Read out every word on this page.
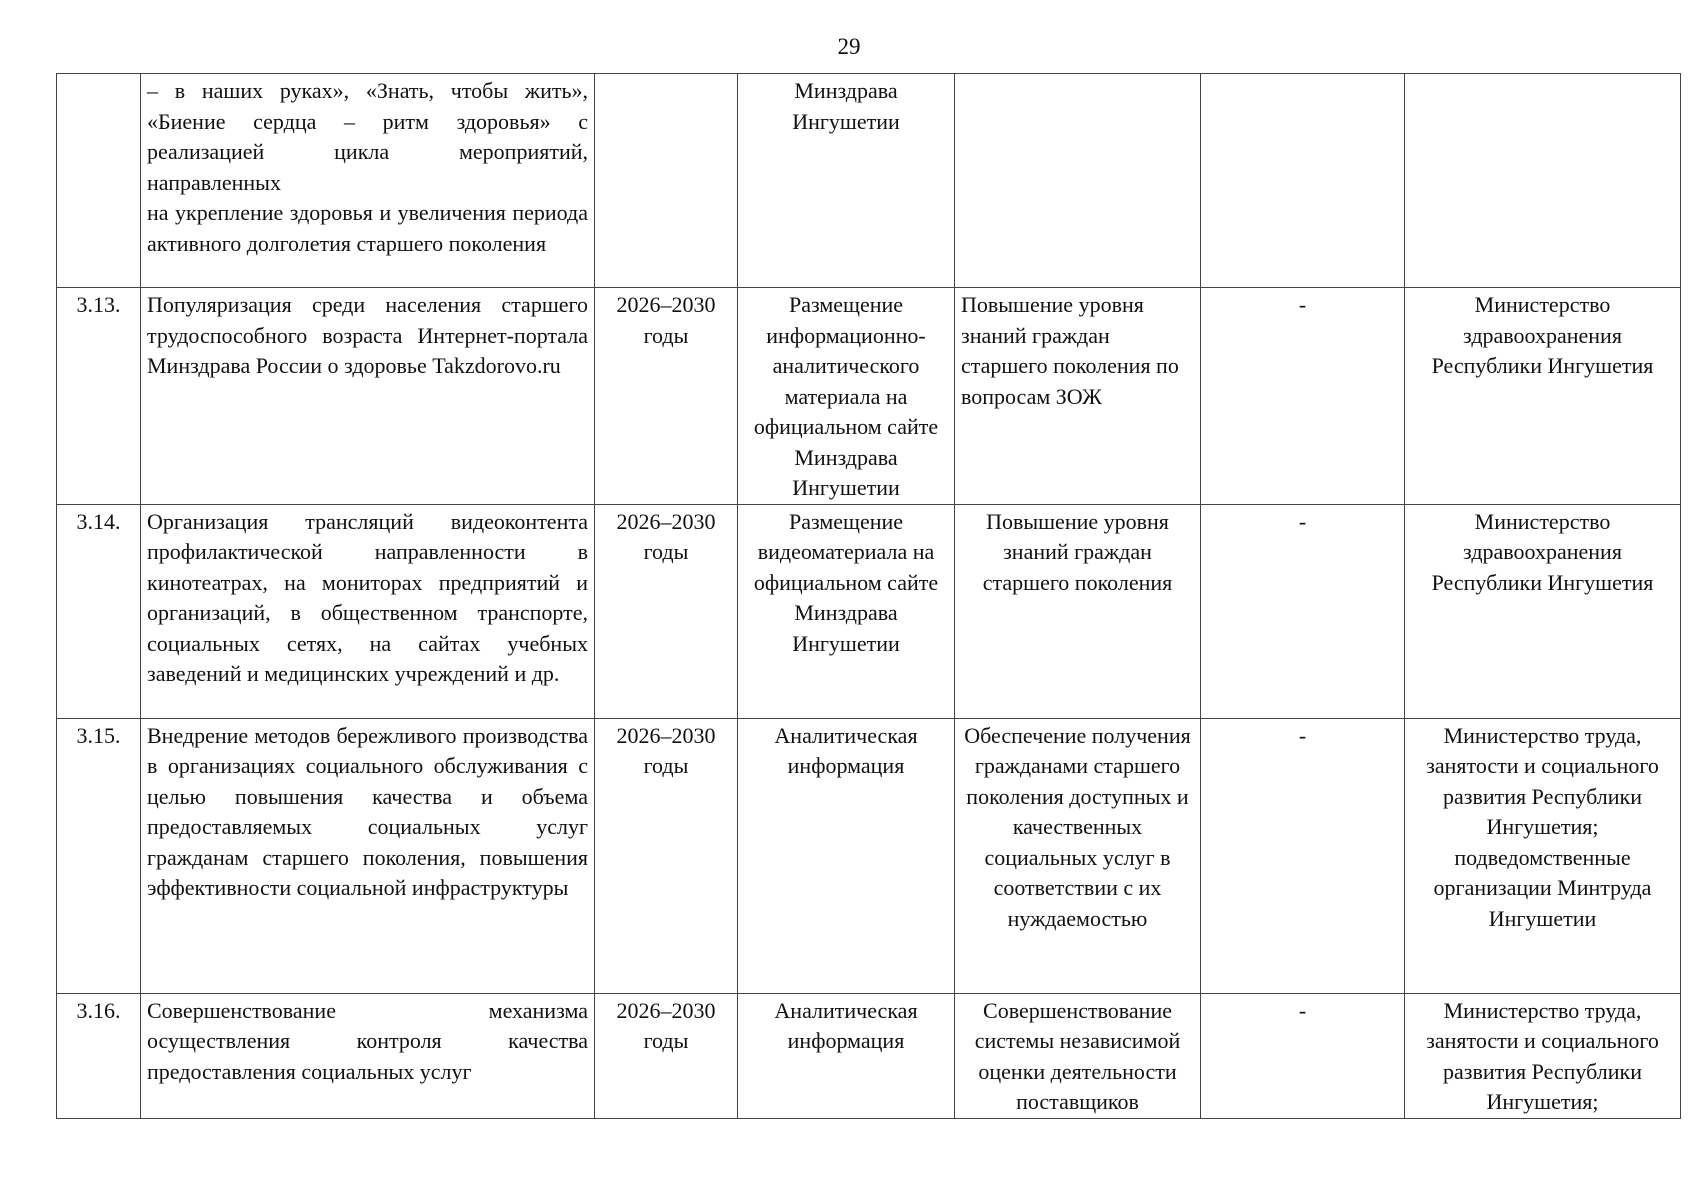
29
	– в наших руках», «Знать, чтобы жить», «Биение сердца – ритм здоровья» с реализацией цикла мероприятий, направленных
на укрепление здоровья и увеличения периода активного долголетия старшего поколения		Минздрава Ингушетии			
3.13.	Популяризация среди населения старшего трудоспособного возраста Интернет-портала Минздрава России о здоровье Takzdorovo.ru	2026–2030 годы	Размещение информационно-аналитического материала на официальном сайте Минздрава Ингушетии	Повышение уровня знаний граждан старшего поколения по вопросам ЗОЖ	-	Министерство здравоохранения Республики Ингушетия
3.14.	Организация трансляций видеоконтента профилактической направленности в кинотеатрах, на мониторах предприятий и организаций, в общественном транспорте, социальных сетях, на сайтах учебных заведений и медицинских учреждений и др.	2026–2030 годы	Размещение видеоматериала на официальном сайте Минздрава Ингушетии	Повышение уровня знаний граждан старшего поколения	-	Министерство здравоохранения Республики Ингушетия
3.15.	Внедрение методов бережливого производства в организациях социального обслуживания с целью повышения качества и объема предоставляемых социальных услуг гражданам старшего поколения, повышения эффективности социальной инфраструктуры	2026–2030 годы	Аналитическая информация	Обеспечение получения гражданами старшего поколения доступных и качественных социальных услуг в соответствии с их нуждаемостью	-	Министерство труда, занятости и социального развития Республики Ингушетия; подведомственные организации Минтруда Ингушетии
3.16.	Совершенствование механизма осуществления контроля качества предоставления социальных услуг	2026–2030 годы	Аналитическая информация	Совершенствование системы независимой оценки деятельности поставщиков	-	Министерство труда, занятости и социального развития Республики Ингушетия;
